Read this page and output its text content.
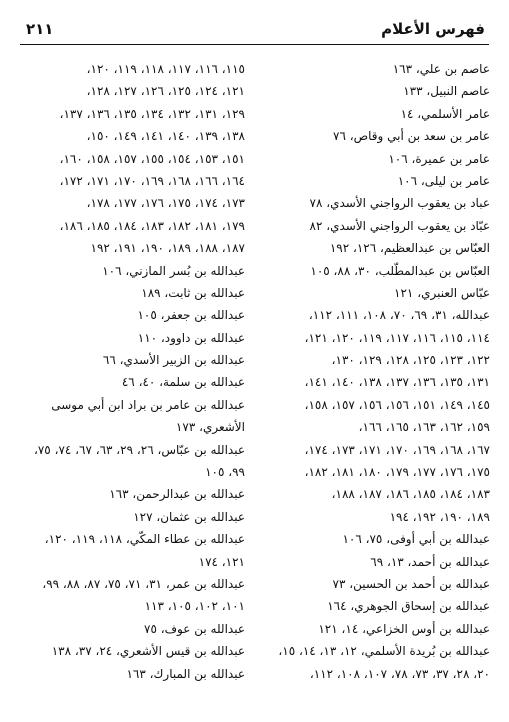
٢١١	فهرس الأعلام
عاصم بن علي، ١٦٣
عاصم النبيل، ١٣٣
عامر الأسلمي، ١٤
عامر بن سعد بن أبي وقاص، ٧٦
عامر بن عميرة، ١٠٦
عامر بن ليلى، ١٠٦
عباد بن يعقوب الرواجني الأسدي، ٧٨
عبّاد بن يعقوب الرواجني الأسدي، ٨٢
العبّاس بن عبدالعظيم، ١٢٦، ١٩٢
العبّاس بن عبدالمطّلب، ٣٠، ٨٨، ١٠٥
عبّاس العنبري، ١٢١
عبدالله، ٣١، ٦٩، ٧٠، ١٠٨، ١١١، ١١٢،
١١٤، ١١٥، ١١٦، ١١٧، ١١٩، ١٢٠، ١٢١،
١٢٢، ١٢٣، ١٢٥، ١٢٨، ١٢٩، ١٣٠،
١٣١، ١٣٥، ١٣٦، ١٣٧، ١٣٨، ١٤٠، ١٤١،
١٤٥، ١٤٩، ١٥١، ١٥٦، ١٥٦، ١٥٧، ١٥٨،
١٥٩، ١٦٢، ١٦٣، ١٦٥، ١٦٦،
١٦٧، ١٦٨، ١٦٩، ١٧٠، ١٧١، ١٧٣، ١٧٤،
١٧٥، ١٧٦، ١٧٧، ١٧٩، ١٨٠، ١٨١، ١٨٢،
١٨٣، ١٨٤، ١٨٥، ١٨٦، ١٨٧، ١٨٨،
١٨٩، ١٩٠، ١٩٢، ١٩٤
عبدالله بن أبي أوفى، ٧٥، ١٠٦
عبدالله بن أحمد، ١٣، ٦٩
عبدالله بن أحمد بن الحسين، ٧٣
عبدالله بن إسحاق الجوهري، ١٦٤
عبدالله بن أوس الخزاعي، ١٤، ١٢١
عبدالله بن بُريدة الأسلمي، ١٢، ١٣، ١٤، ١٥،
٢٠، ٢٨، ٣٧، ٧٣، ٧٨، ١٠٧، ١٠٨، ١١٢،
١١٥، ١١٦، ١١٧، ١١٨، ١١٩، ١٢٠،
١٢١، ١٢٤، ١٢٥، ١٢٦، ١٢٧، ١٢٨،
١٢٩، ١٣١، ١٣٢، ١٣٤، ١٣٥، ١٣٦، ١٣٧،
١٣٨، ١٣٩، ١٤٠، ١٤١، ١٤٩، ١٥٠،
١٥١، ١٥٣، ١٥٤، ١٥٥، ١٥٧، ١٥٨، ١٦٠،
١٦٤، ١٦٦، ١٦٨، ١٦٩، ١٧٠، ١٧١، ١٧٢،
١٧٣، ١٧٤، ١٧٥، ١٧٦، ١٧٧، ١٧٨،
١٧٩، ١٨١، ١٨٢، ١٨٣، ١٨٤، ١٨٥، ١٨٦،
١٨٧، ١٨٨، ١٨٩، ١٩٠، ١٩١، ١٩٢
عبدالله بن بُسر المازني، ١٠٦
عبدالله بن ثابت، ١٨٩
عبدالله بن جعفر، ١٠٥
عبدالله بن داوود، ١١٠
عبدالله بن الزبير الأسدي، ٦٦
عبدالله بن سلمة، ٤٠، ٤٦
عبدالله بن عامر بن براد ابن أبي موسى
الأشعري، ١٧٣
عبدالله بن عبّاس، ٢٦، ٢٩، ٦٣، ٦٧، ٧٤، ٧٥،
٩٩، ١٠٥
عبدالله بن عبدالرحمن، ١٦٣
عبدالله بن عثمان، ١٢٧
عبدالله بن عطاء المكّي، ١١٨، ١١٩، ١٢٠،
١٢١، ١٧٤
عبدالله بن عمر، ٣١، ٧١، ٧٥، ٨٧، ٨٨، ٩٩،
١٠١، ١٠٢، ١٠٥، ١١٣
عبدالله بن عوف، ٧٥
عبدالله بن قيس الأشعري، ٢٤، ٣٧، ١٣٨
عبدالله بن المبارك، ١٦٣
